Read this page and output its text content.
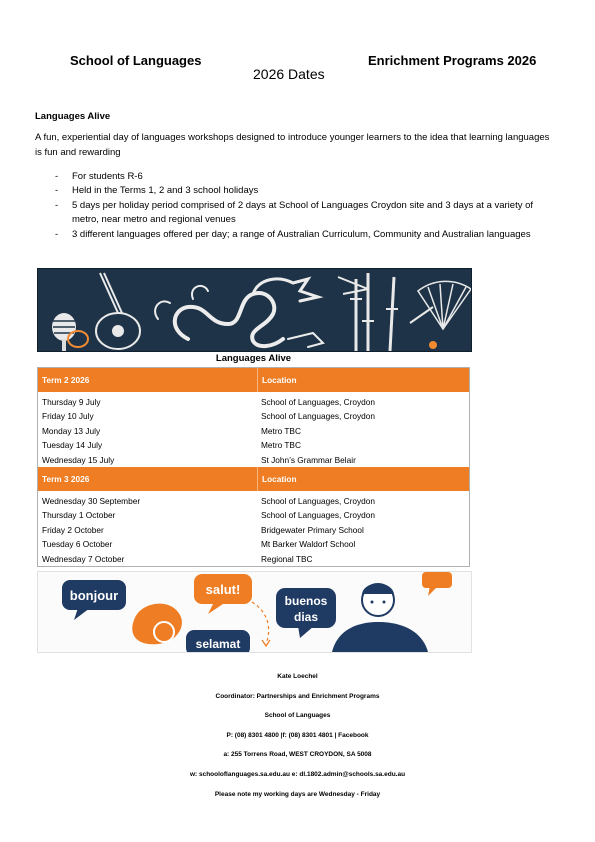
School of Languages	Enrichment Programs 2026
2026 Dates
Languages Alive
A fun, experiential day of languages workshops designed to introduce younger learners to the idea that learning languages is fun and rewarding
- For students R-6
- Held in the Terms 1, 2 and 3 school holidays
- 5 days per holiday period comprised of 2 days at School of Languages Croydon site and 3 days at a variety of metro, near metro and regional venues
- 3 different languages offered per day; a range of Australian Curriculum, Community and Australian languages
Languages Alive
Term 2 2026	Location
Thursday 9 July	School of Languages, Croydon
Friday 10 July	School of Languages, Croydon
Monday 13 July	Metro TBC
Tuesday 14 July	Metro TBC
Wednesday 15 July	St John’s Grammar Belair
Term 3 2026	Location
Wednesday 30 September	School of Languages, Croydon
Thursday 1 October	School of Languages, Croydon
Friday 2 October	Bridgewater Primary School
Tuesday 6 October	Mt Barker Waldorf School
Wednesday 7 October	Regional TBC
bonjour	salut!
selamat
buenos
dias
Kate Loechel
Coordinator: Partnerships and Enrichment Programs
School of Languages
P: (08) 8301 4800 |f: (08) 8301 4801 | Facebook
a: 255 Torrens Road, WEST CROYDON, SA 5008
w: schooloflanguages.sa.edu.au e: dl.1802.admin@schools.sa.edu.au
Please note my working days are Wednesday - Friday
